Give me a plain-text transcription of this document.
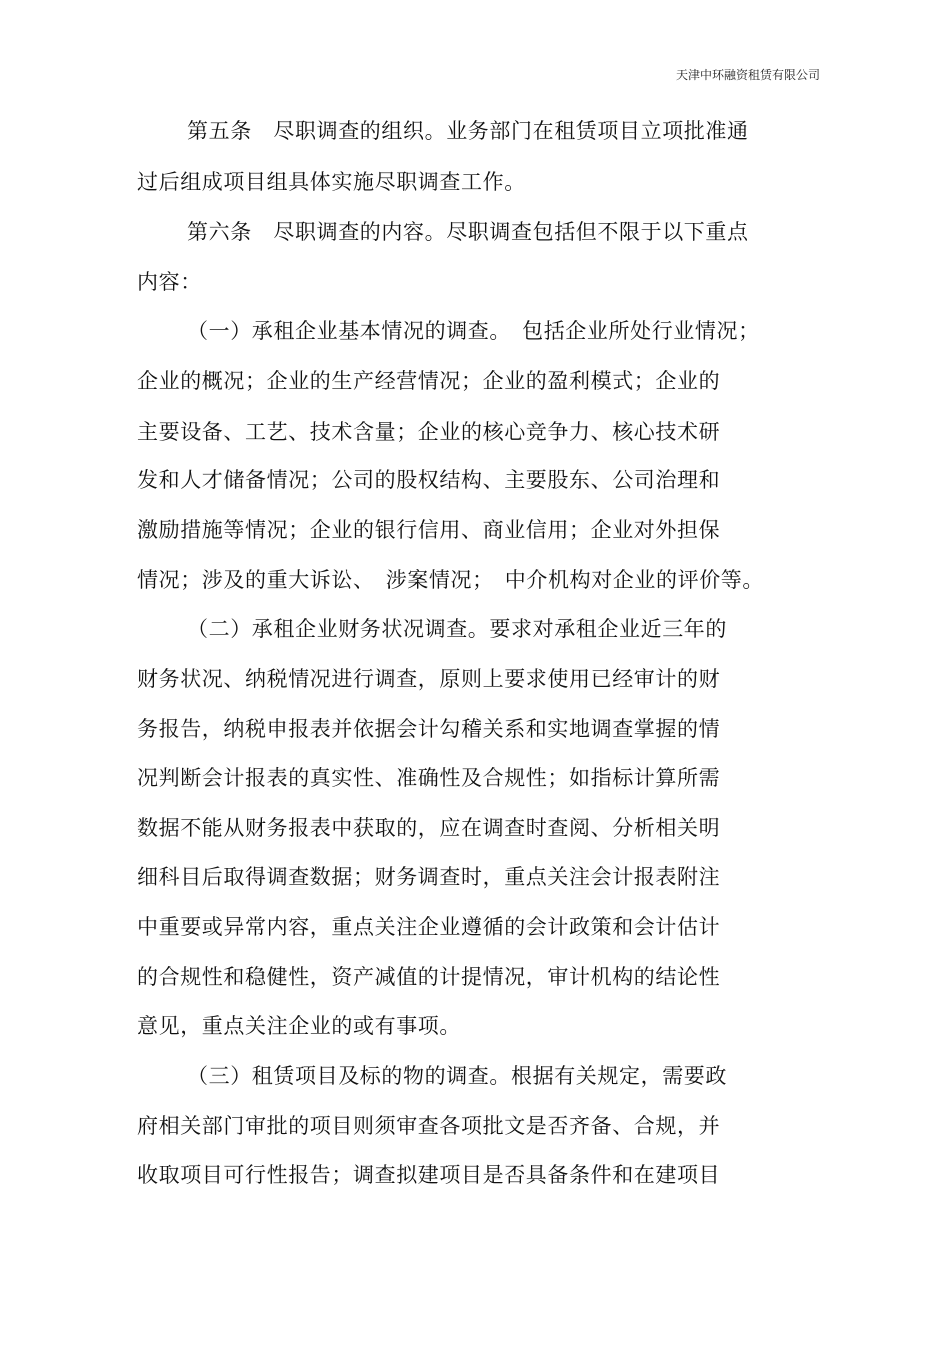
天津中环融资租赁有限公司
第五条　尽职调查的组织。业务部门在租赁项目立项批准通
过后组成项目组具体实施尽职调查工作。
第六条　尽职调查的内容。尽职调查包括但不限于以下重点
内容：
（一）承租企业基本情况的调查。　包括企业所处行业情况；
企业的概况；企业的生产经营情况；企业的盈利模式；企业的
主要设备、工艺、技术含量；企业的核心竞争力、核心技术研
发和人才储备情况；公司的股权结构、主要股东、公司治理和
激励措施等情况；企业的银行信用、商业信用；企业对外担保
情况；涉及的重大诉讼、　涉案情况；　中介机构对企业的评价等。
（二）承租企业财务状况调查。要求对承租企业近三年的
财务状况、纳税情况进行调查，原则上要求使用已经审计的财
务报告，纳税申报表并依据会计勾稽关系和实地调查掌握的情
况判断会计报表的真实性、准确性及合规性；如指标计算所需
数据不能从财务报表中获取的，应在调查时查阅、分析相关明
细科目后取得调查数据；财务调查时，重点关注会计报表附注
中重要或异常内容，重点关注企业遵循的会计政策和会计估计
的合规性和稳健性，资产减值的计提情况，审计机构的结论性
意见，重点关注企业的或有事项。
（三）租赁项目及标的物的调查。根据有关规定，需要政
府相关部门审批的项目则须审查各项批文是否齐备、合规，并
收取项目可行性报告；调查拟建项目是否具备条件和在建项目
